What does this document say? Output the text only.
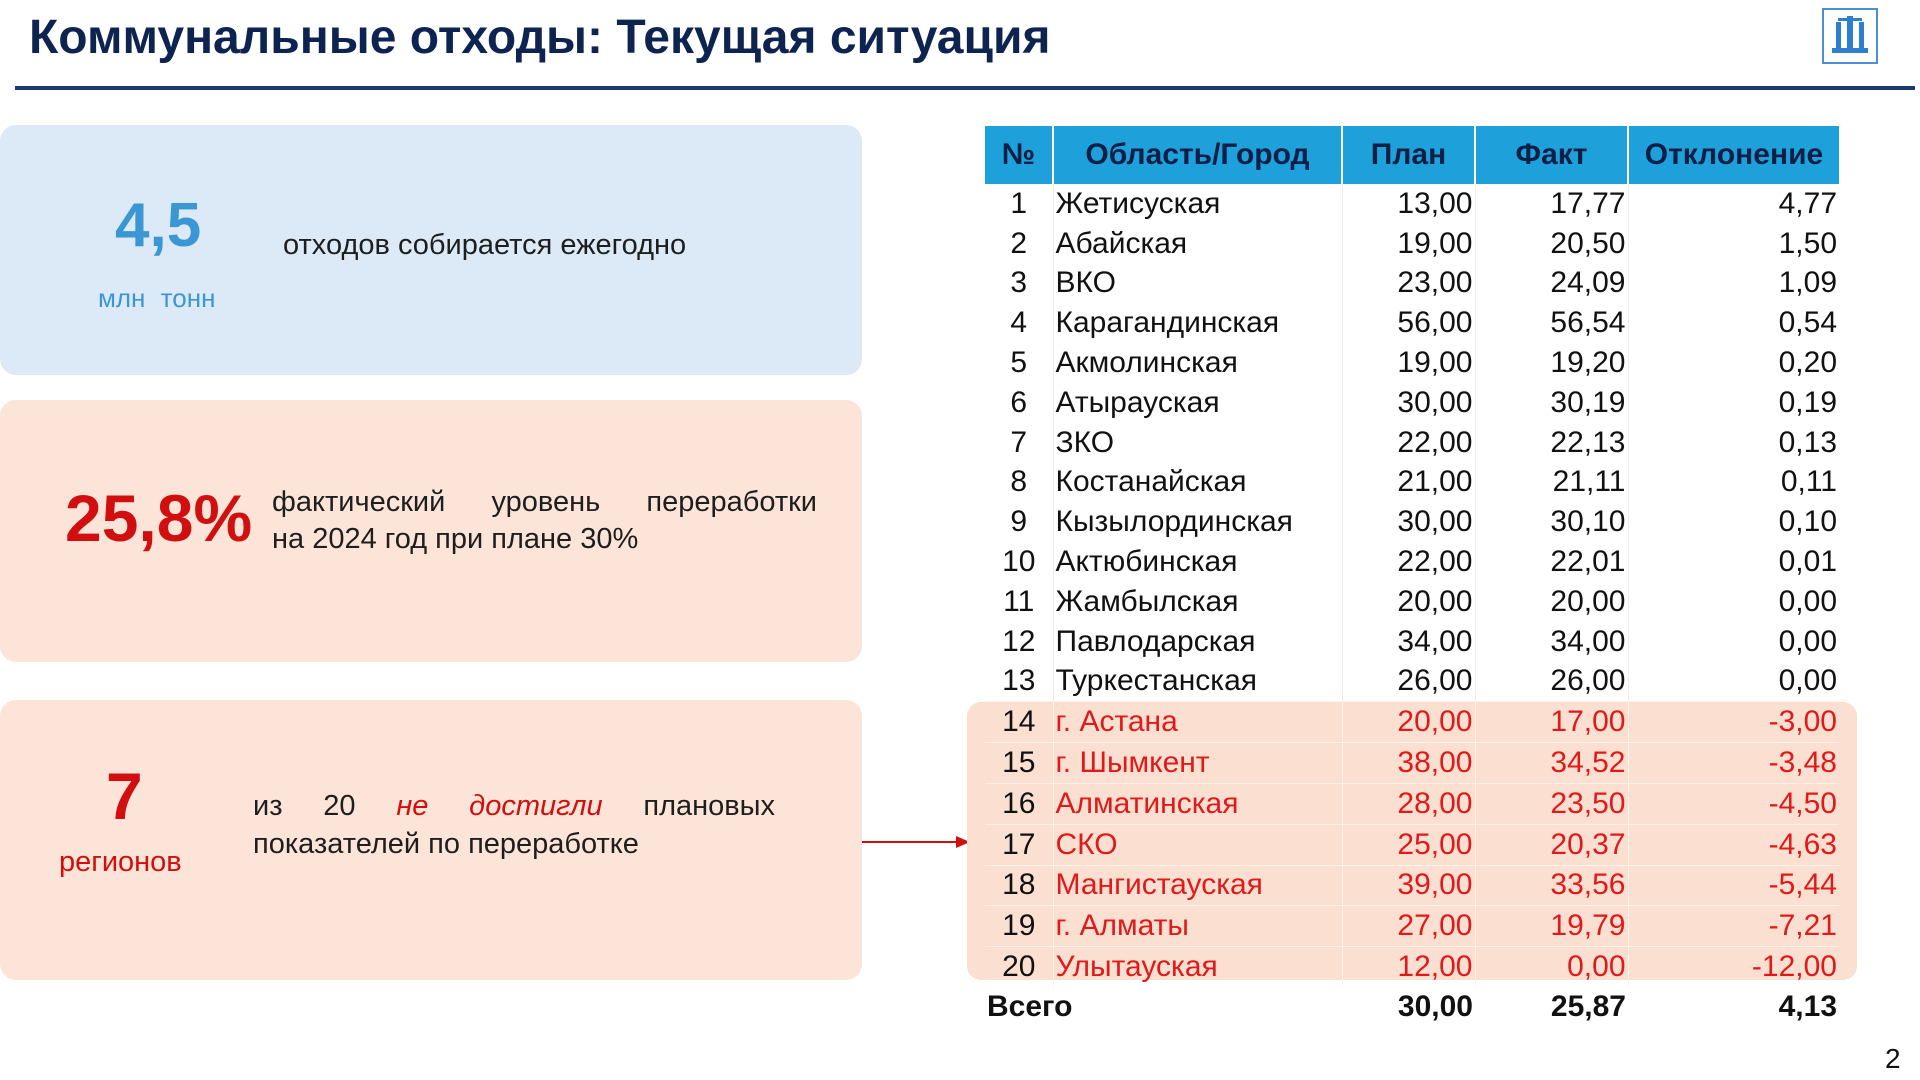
Коммунальные отходы: Текущая ситуация
4,5
млн тонн
отходов собирается ежегодно
25,8% фактический уровень переработки
на 2024 год при плане 30%
7
регионов
из 20 не достигли плановых
показателей по переработке
№	Область/Город	План	Факт	Отклонение
1	Жетисуская	13,00	17,77	4,77
2	Абайская	19,00	20,50	1,50
3	ВКО	23,00	24,09	1,09
4	Карагандинская	56,00	56,54	0,54
5	Акмолинская	19,00	19,20	0,20
6	Атырауская	30,00	30,19	0,19
7	ЗКО	22,00	22,13	0,13
8	Костанайская	21,00	21,11	0,11
9	Кызылординская	30,00	30,10	0,10
10	Актюбинская	22,00	22,01	0,01
11	Жамбылская	20,00	20,00	0,00
12	Павлодарская	34,00	34,00	0,00
13	Туркестанская	26,00	26,00	0,00
14	г. Астана	20,00	17,00	-3,00
15	г. Шымкент	38,00	34,52	-3,48
16	Алматинская	28,00	23,50	-4,50
17	СКО	25,00	20,37	-4,63
18	Мангистауская	39,00	33,56	-5,44
19	г. Алматы	27,00	19,79	-7,21
20	Улытауская	12,00	0,00	-12,00
Всего		30,00	25,87	4,13
2
